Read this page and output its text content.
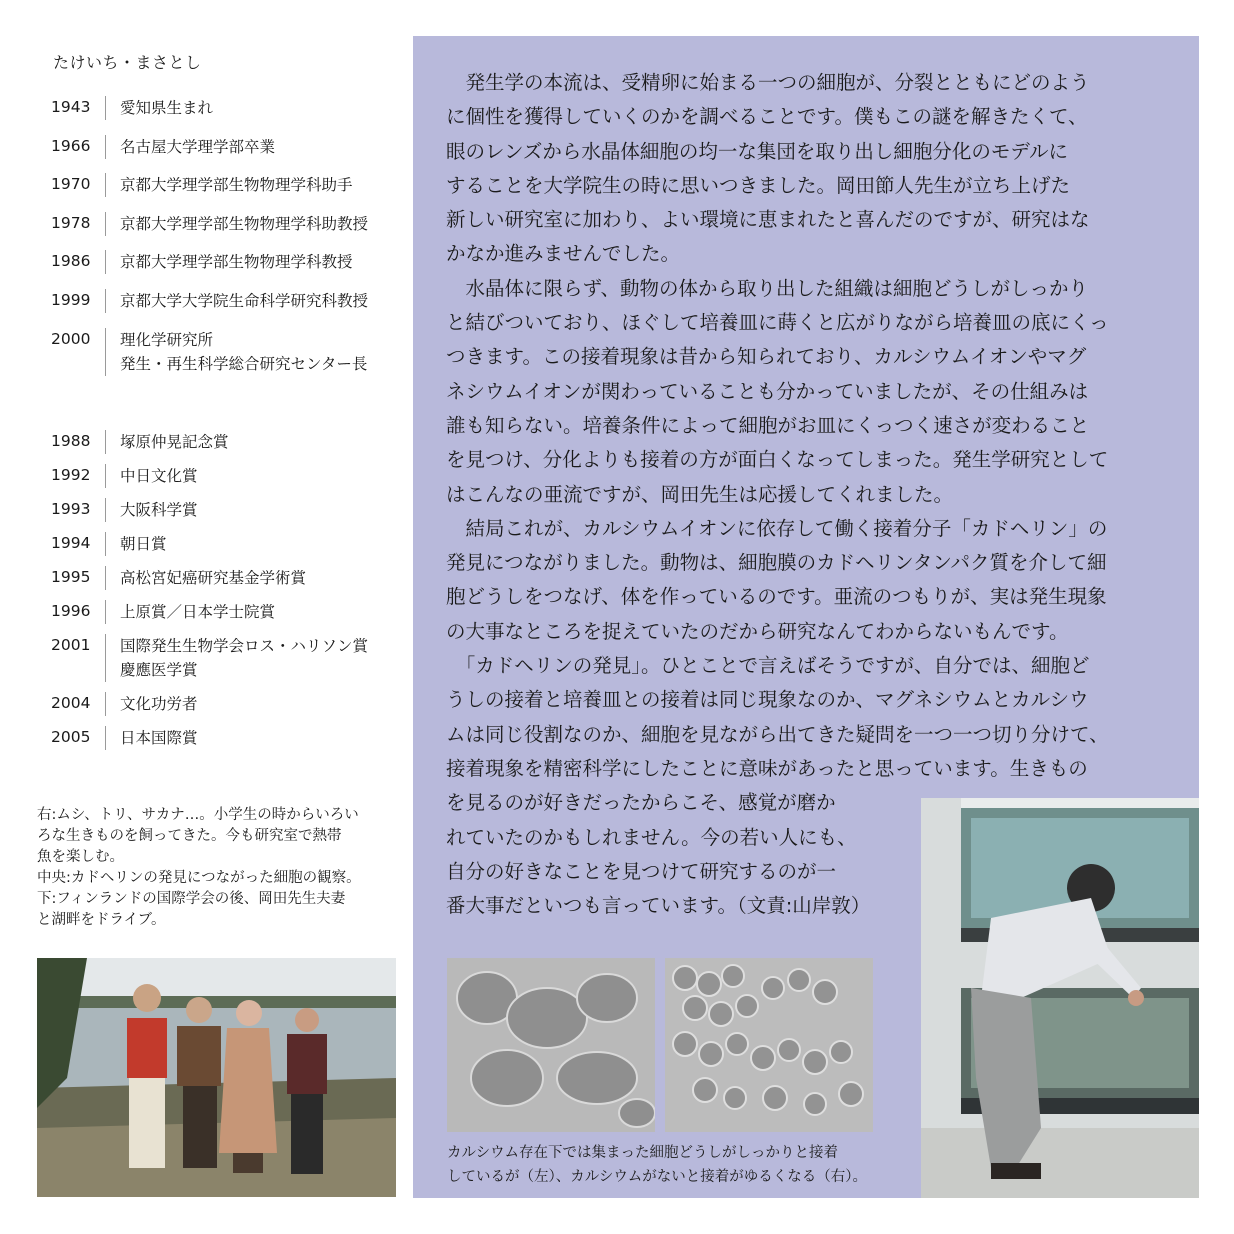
たけいち・まさとし
1943	愛知県生まれ
1966	名古屋大学理学部卒業
1970	京都大学理学部生物物理学科助手
1978	京都大学理学部生物物理学科助教授
1986	京都大学理学部生物物理学科教授
1999	京都大学大学院生命科学研究科教授
2000	理化学研究所
発生・再生科学総合研究センター長
1988	塚原仲晃記念賞
1992	中日文化賞
1993	大阪科学賞
1994	朝日賞
1995	高松宮妃癌研究基金学術賞
1996	上原賞／日本学士院賞
2001	国際発生生物学会ロス・ハリソン賞
慶應医学賞
2004	文化功労者
2005	日本国際賞
右:ムシ、トリ、サカナ…。小学生の時からいろい
ろな生きものを飼ってきた。今も研究室で熱帯
魚を楽しむ。
中央:カドヘリンの発見につながった細胞の観察。
下:フィンランドの国際学会の後、岡田先生夫妻
と湖畔をドライブ。
　発生学の本流は、受精卵に始まる一つの細胞が、分裂とともにどのよう
に個性を獲得していくのかを調べることです。僕もこの謎を解きたくて、
眼のレンズから水晶体細胞の均一な集団を取り出し細胞分化のモデルに
することを大学院生の時に思いつきました。岡田節人先生が立ち上げた
新しい研究室に加わり、よい環境に恵まれたと喜んだのですが、研究はな
かなか進みませんでした。
　水晶体に限らず、動物の体から取り出した組織は細胞どうしがしっかり
と結びついており、ほぐして培養皿に蒔くと広がりながら培養皿の底にくっ
つきます。この接着現象は昔から知られており、カルシウムイオンやマグ
ネシウムイオンが関わっていることも分かっていましたが、その仕組みは
誰も知らない。培養条件によって細胞がお皿にくっつく速さが変わること
を見つけ、分化よりも接着の方が面白くなってしまった。発生学研究として
はこんなの亜流ですが、岡田先生は応援してくれました。
　結局これが、カルシウムイオンに依存して働く接着分子「カドヘリン」の
発見につながりました。動物は、細胞膜のカドヘリンタンパク質を介して細
胞どうしをつなげ、体を作っているのです。亜流のつもりが、実は発生現象
の大事なところを捉えていたのだから研究なんてわからないもんです。
　「カドヘリンの発見」。ひとことで言えばそうですが、自分では、細胞ど
うしの接着と培養皿との接着は同じ現象なのか、マグネシウムとカルシウ
ムは同じ役割なのか、細胞を見ながら出てきた疑問を一つ一つ切り分けて、
接着現象を精密科学にしたことに意味があったと思っています。生きもの
を見るのが好きだったからこそ、感覚が磨か
れていたのかもしれません。今の若い人にも、
自分の好きなことを見つけて研究するのが一
番大事だといつも言っています。（文責:山岸敦）
カルシウム存在下では集まった細胞どうしがしっかりと接着
しているが（左）、カルシウムがないと接着がゆるくなる（右）。
